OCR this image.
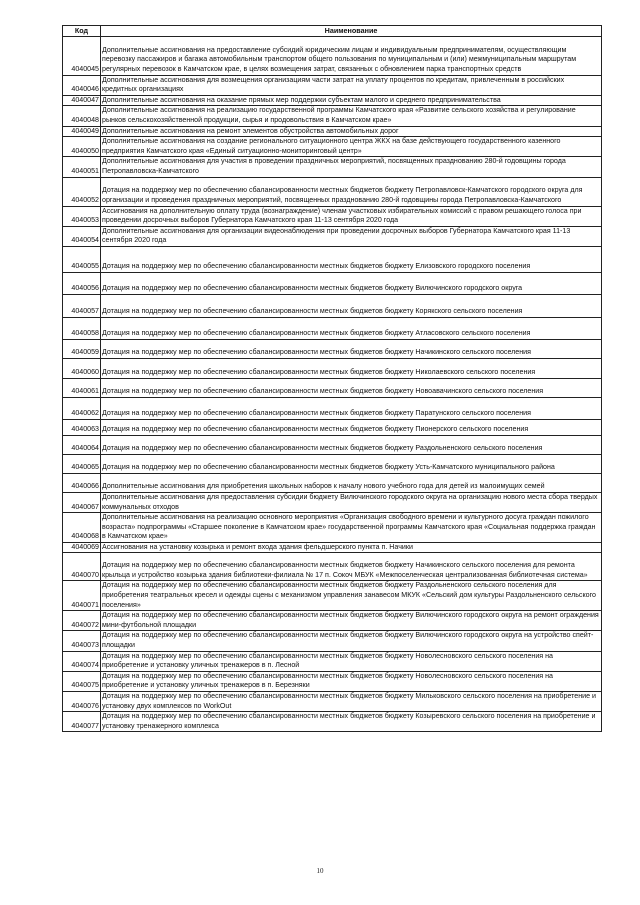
Код	Наименование
4040045	Дополнительные ассигнования на предоставление субсидий юридическим лицам и индивидуальным предпринимателям, осуществляющим перевозку пассажиров и багажа автомобильным транспортом общего пользования по муниципальным и (или) межмуниципальным маршрутам регулярных перевозок в Камчатском крае, в целях возмещения затрат, связанных с обновлением парка транспортных средств
4040046	Дополнительные ассигнования для возмещения организациям части затрат на уплату процентов по кредитам, привлеченным в российских кредитных организациях
4040047	Дополнительные ассигнования на оказание прямых мер поддержки субъектам малого и среднего предпринимательства
4040048	Дополнительные ассигнования на реализацию государственной программы Камчатского края «Развитие сельского хозяйства и регулирование рынков сельскохозяйственной продукции, сырья и продовольствия в Камчатском крае»
4040049	Дополнительные ассигнования на ремонт элементов обустройства автомобильных дорог
4040050	Дополнительные ассигнования на создание регионального ситуационного центра ЖКХ на базе действующего государственного казенного предприятия Камчатского края «Единый ситуационно-мониторинговый центр»
4040051	Дополнительные ассигнования для участия в проведении праздничных мероприятий, посвященных празднованию 280-й годовщины города Петропавловска-Камчатского
4040052	Дотация на поддержку мер по обеспечению сбалансированности местных бюджетов бюджету Петропавловск-Камчатского городского округа для организации и проведения праздничных мероприятий, посвященных празднованию 280-й годовщины города Петропавловска-Камчатского
4040053	Ассигнования на дополнительную оплату труда (вознаграждение) членам участковых избирательных комиссий с правом решающего голоса при проведении досрочных выборов Губернатора Камчатского края 11-13 сентября 2020 года
4040054	Дополнительные ассигнования для организации видеонаблюдения при проведении досрочных выборов Губернатора Камчатского края 11-13 сентября 2020 года
4040055	Дотация на поддержку мер по обеспечению сбалансированности местных бюджетов бюджету Елизовского городского поселения
4040056	Дотация на поддержку мер по обеспечению сбалансированности местных бюджетов бюджету Вилючинского городского округа
4040057	Дотация на поддержку мер по обеспечению сбалансированности местных бюджетов бюджету Корякского сельского поселения
4040058	Дотация на поддержку мер по обеспечению сбалансированности местных бюджетов бюджету Атласовского сельского поселения
4040059	Дотация на поддержку мер по обеспечению сбалансированности местных бюджетов бюджету Начикинского сельского поселения
4040060	Дотация на поддержку мер по обеспечению сбалансированности местных бюджетов бюджету Николаевского сельского поселения
4040061	Дотация на поддержку мер по обеспечению сбалансированности местных бюджетов бюджету Новоавачинского сельского поселения
4040062	Дотация на поддержку мер по обеспечению сбалансированности местных бюджетов бюджету Паратунского сельского поселения
4040063	Дотация на поддержку мер по обеспечению сбалансированности местных бюджетов бюджету Пионерского сельского поселения
4040064	Дотация на поддержку мер по обеспечению сбалансированности местных бюджетов бюджету Раздольненского сельского поселения
4040065	Дотация на поддержку мер по обеспечению сбалансированности местных бюджетов бюджету Усть-Камчатского муниципального района
4040066	Дополнительные ассигнования для приобретения школьных наборов к началу нового учебного года для детей из малоимущих семей
4040067	Дополнительные ассигнования для предоставления субсидии бюджету Вилючинского городского округа на организацию нового места сбора твердых коммунальных отходов
4040068	Дополнительные ассигнования на реализацию основного мероприятия «Организация свободного времени и культурного досуга граждан пожилого возраста» подпрограммы «Старшее поколение в Камчатском крае» государственной программы Камчатского края «Социальная поддержка граждан в Камчатском крае»
4040069	Ассигнования на установку козырька и ремонт входа здания фельдшерского пункта п. Начики
4040070	Дотация на поддержку мер по обеспечению сбалансированности местных бюджетов бюджету Начикинского сельского поселения для ремонта крыльца и устройство козырька здания библиотеки-филиала № 17 п. Сокоч МБУК «Межпоселенческая централизованная библиотечная система»
4040071	Дотация на поддержку мер по обеспечению сбалансированности местных бюджетов бюджету Раздольненского сельского поселения для приобретения театральных кресел и одежды сцены с механизмом управления занавесом МКУК «Сельский дом культуры Раздольненского сельского поселения»
4040072	Дотация на поддержку мер по обеспечению сбалансированности местных бюджетов бюджету Вилючинского городского округа на ремонт ограждения мини-футбольной площадки
4040073	Дотация на поддержку мер по обеспечению сбалансированности местных бюджетов бюджету Вилючинского городского округа на устройство спейт-площадки
4040074	Дотация на поддержку мер по обеспечению сбалансированности местных бюджетов бюджету Новолесновского сельского поселения на приобретение и установку уличных тренажеров в п. Лесной
4040075	Дотация на поддержку мер по обеспечению сбалансированности местных бюджетов бюджету Новолесновского сельского поселения на приобретение и установку уличных тренажеров в п. Березняки
4040076	Дотация на поддержку мер по обеспечению сбалансированности местных бюджетов бюджету Мильковского сельского поселения на приобретение и установку двух комплексов по WorkOut
4040077	Дотация на поддержку мер по обеспечению сбалансированности местных бюджетов бюджету Козыревского сельского поселения на приобретение и установку тренажерного комплекса
10
